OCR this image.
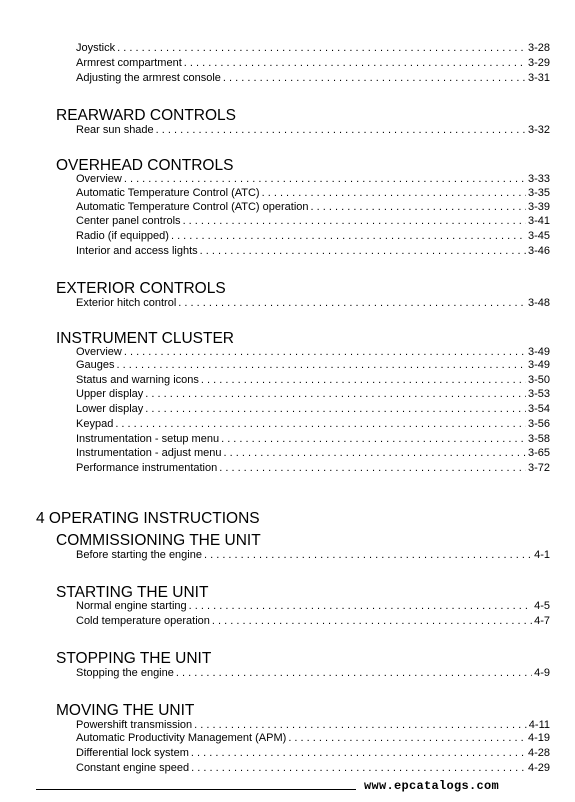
Joystick . . .	3-28
Armrest compartment . . .	3-29
Adjusting the armrest console . . .	3-31
REARWARD CONTROLS
Rear sun shade . . .	3-32
OVERHEAD CONTROLS
Overview . . .	3-33
Automatic Temperature Control (ATC) . . .	3-35
Automatic Temperature Control (ATC) operation . . .	3-39
Center panel controls . . .	3-41
Radio (if equipped) . . .	3-45
Interior and access lights . . .	3-46
EXTERIOR CONTROLS
Exterior hitch control . . .	3-48
INSTRUMENT CLUSTER
Overview . . .	3-49
Gauges . . .	3-49
Status and warning icons . . .	3-50
Upper display . . .	3-53
Lower display . . .	3-54
Keypad . . .	3-56
Instrumentation - setup menu . . .	3-58
Instrumentation - adjust menu . . .	3-65
Performance instrumentation . . .	3-72
4 OPERATING INSTRUCTIONS
COMMISSIONING THE UNIT
Before starting the engine . . .	4-1
STARTING THE UNIT
Normal engine starting . . .	4-5
Cold temperature operation . . .	4-7
STOPPING THE UNIT
Stopping the engine . . .	4-9
MOVING THE UNIT
Powershift transmission . . .	4-11
Automatic Productivity Management (APM) . . .	4-19
Differential lock system . . .	4-28
Constant engine speed . . .	4-29
www.epcatalogs.com
